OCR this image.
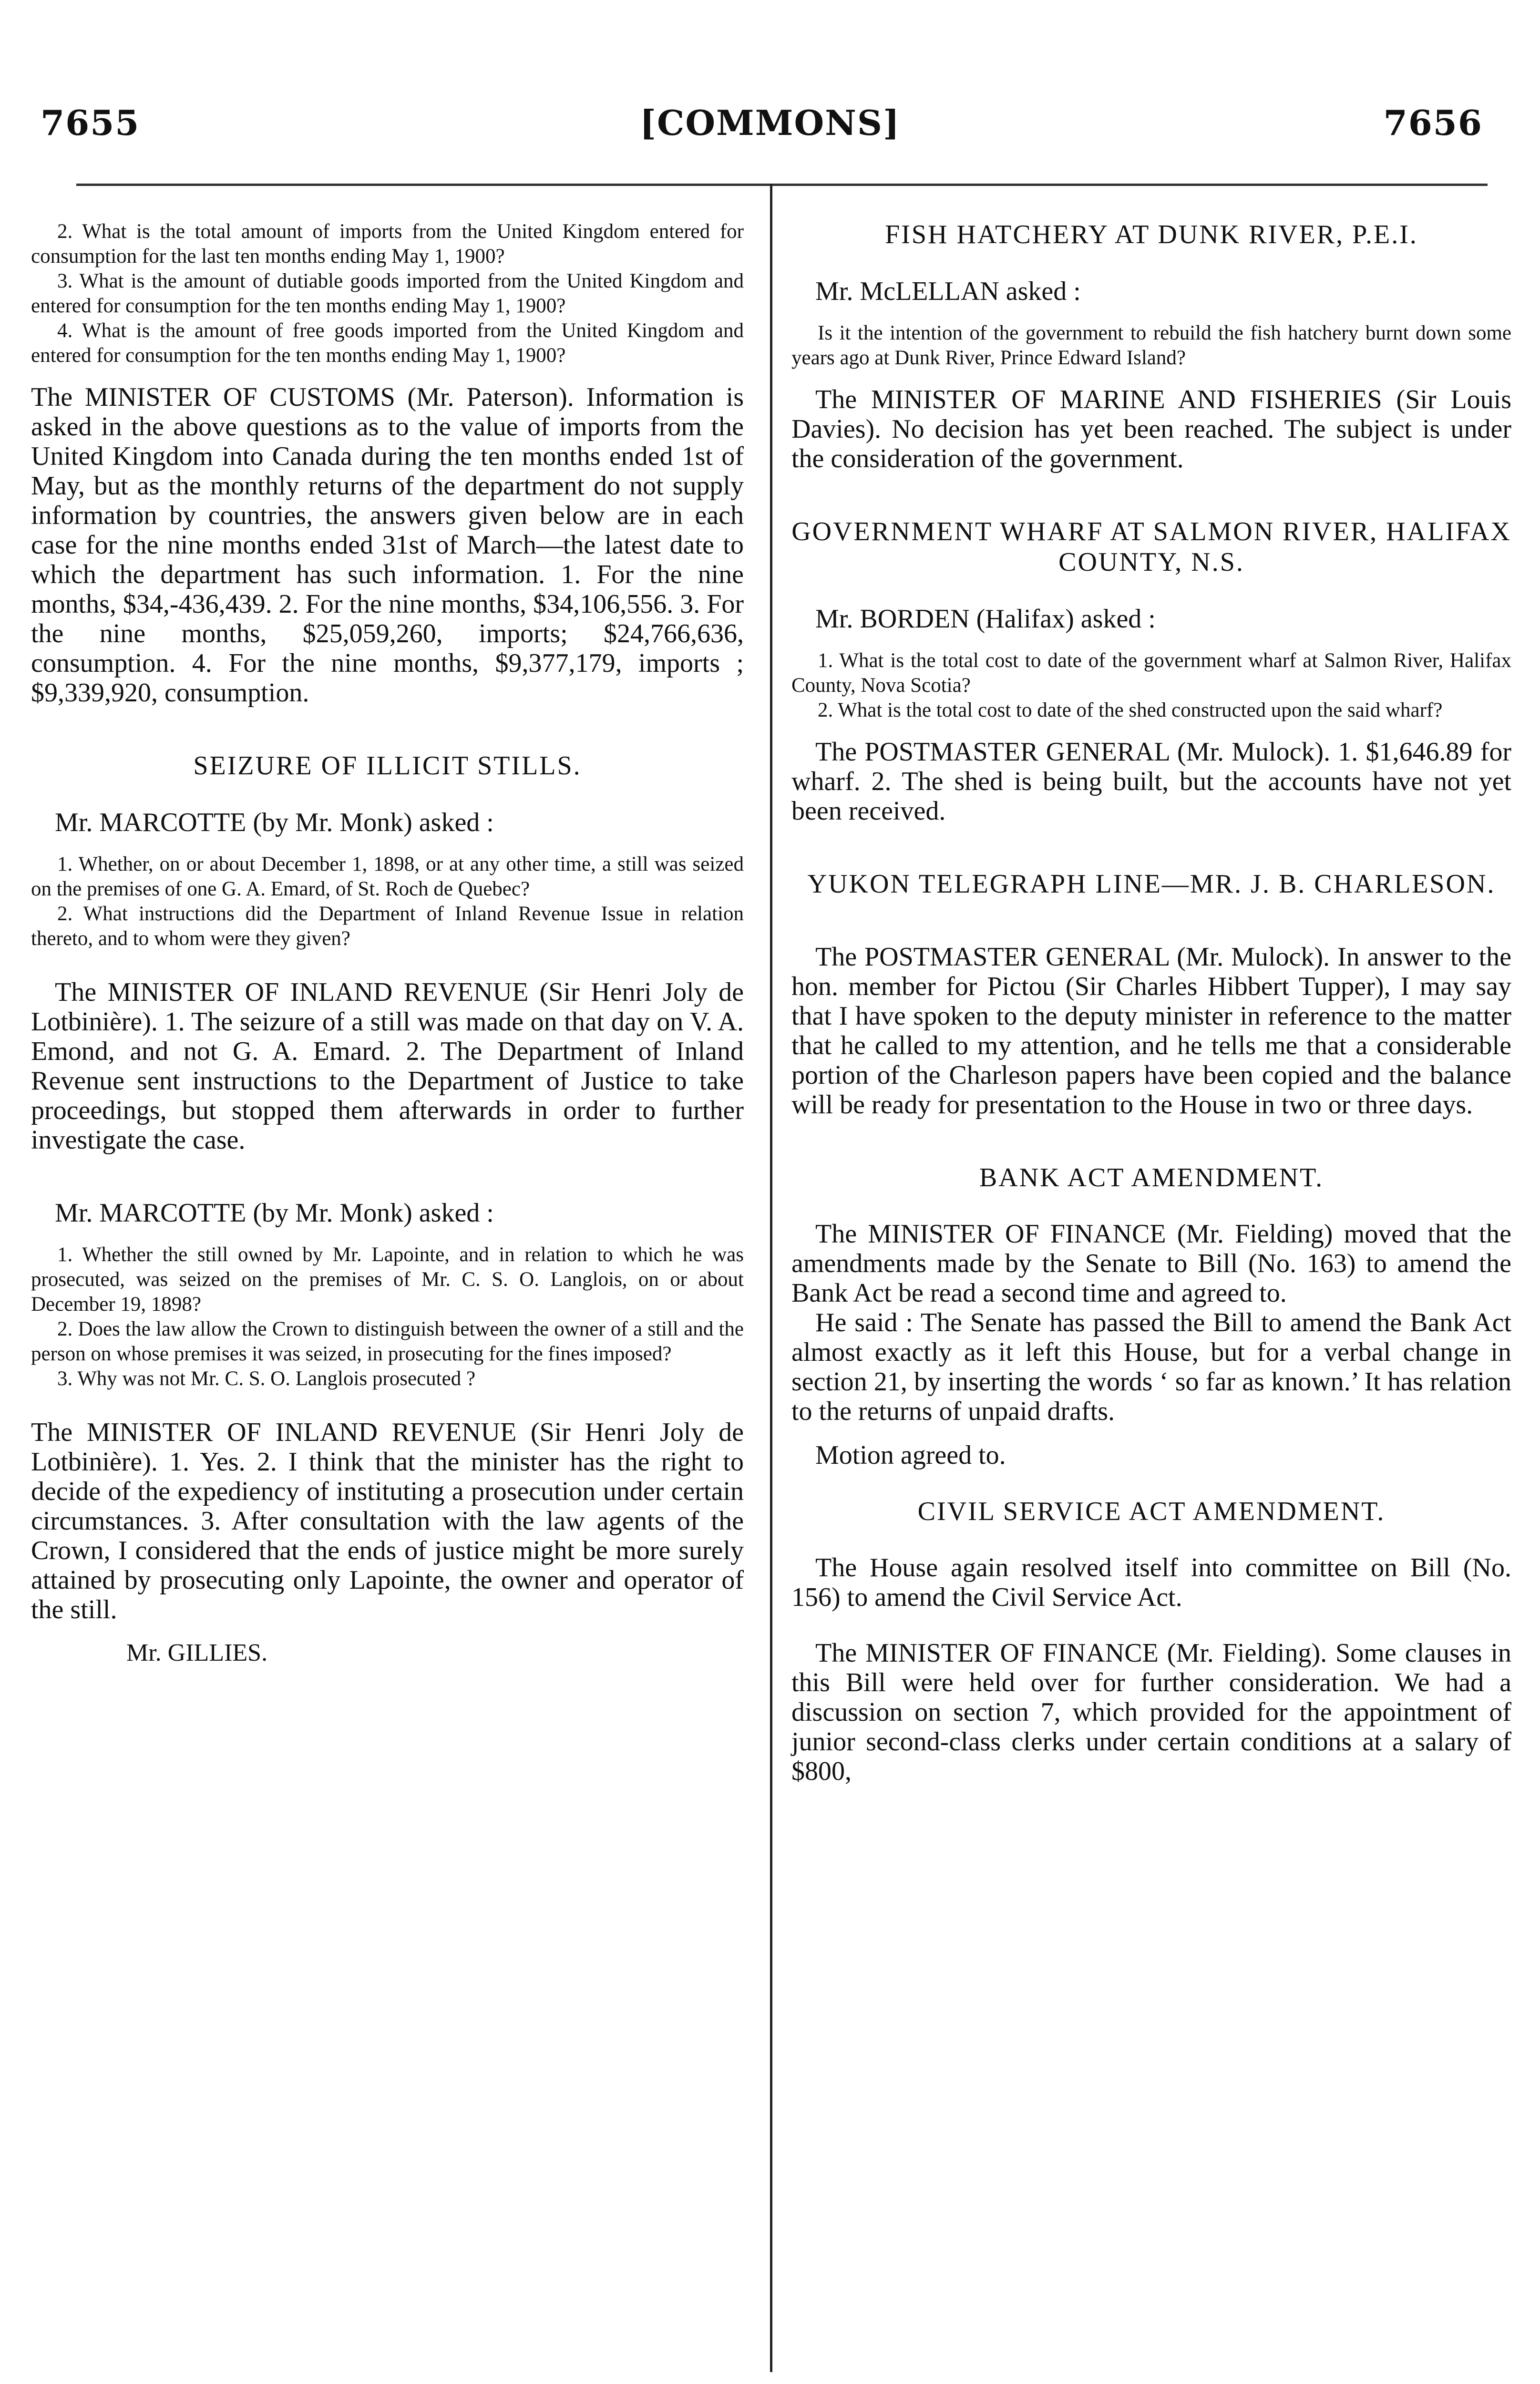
7655	[COMMONS]	7656

2. What is the total amount of imports from the United Kingdom entered for consumption for the last ten months ending May 1, 1900?

3. What is the amount of dutiable goods imported from the United Kingdom and entered for consumption for the ten months ending May 1, 1900?

4. What is the amount of free goods imported from the United Kingdom and entered for consumption for the ten months ending May 1, 1900?

The MINISTER OF CUSTOMS (Mr. Paterson). Information is asked in the above questions as to the value of imports from the United Kingdom into Canada during the ten months ended 1st of May, but as the monthly returns of the department do not supply information by countries, the answers given below are in each case for the nine months ended 31st of March—the latest date to which the department has such information. 1. For the nine months, $34,-436,439. 2. For the nine months, $34,106,556. 3. For the nine months, $25,059,260, imports; $24,766,636, consumption. 4. For the nine months, $9,377,179, imports ; $9,339,920, consumption.

SEIZURE OF ILLICIT STILLS.

Mr. MARCOTTE (by Mr. Monk) asked :

1. Whether, on or about December 1, 1898, or at any other time, a still was seized on the premises of one G. A. Emard, of St. Roch de Quebec?

2. What instructions did the Department of Inland Revenue Issue in relation thereto, and to whom were they given?

The MINISTER OF INLAND REVENUE (Sir Henri Joly de Lotbinière). 1. The seizure of a still was made on that day on V. A. Emond, and not G. A. Emard. 2. The Department of Inland Revenue sent instructions to the Department of Justice to take proceedings, but stopped them afterwards in order to further investigate the case.

Mr. MARCOTTE (by Mr. Monk) asked :

1. Whether the still owned by Mr. Lapointe, and in relation to which he was prosecuted, was seized on the premises of Mr. C. S. O. Langlois, on or about December 19, 1898?

2. Does the law allow the Crown to distinguish between the owner of a still and the person on whose premises it was seized, in prosecuting for the fines imposed?

3. Why was not Mr. C. S. O. Langlois prosecuted ?

The MINISTER OF INLAND REVENUE (Sir Henri Joly de Lotbinière). 1. Yes. 2. I think that the minister has the right to decide of the expediency of instituting a prosecution under certain circumstances. 3. After consultation with the law agents of the Crown, I considered that the ends of justice might be more surely attained by prosecuting only Lapointe, the owner and operator of the still.

Mr. GILLIES.

FISH HATCHERY AT DUNK RIVER, P.E.I.

Mr. McLELLAN asked :

Is it the intention of the government to rebuild the fish hatchery burnt down some years ago at Dunk River, Prince Edward Island?

The MINISTER OF MARINE AND FISHERIES (Sir Louis Davies). No decision has yet been reached. The subject is under the consideration of the government.

GOVERNMENT WHARF AT SALMON RIVER, HALIFAX COUNTY, N.S.

Mr. BORDEN (Halifax) asked :

1. What is the total cost to date of the government wharf at Salmon River, Halifax County, Nova Scotia?

2. What is the total cost to date of the shed constructed upon the said wharf?

The POSTMASTER GENERAL (Mr. Mulock). 1. $1,646.89 for wharf. 2. The shed is being built, but the accounts have not yet been received.

YUKON TELEGRAPH LINE—MR. J. B. CHARLESON.

The POSTMASTER GENERAL (Mr. Mulock). In answer to the hon. member for Pictou (Sir Charles Hibbert Tupper), I may say that I have spoken to the deputy minister in reference to the matter that he called to my attention, and he tells me that a considerable portion of the Charleson papers have been copied and the balance will be ready for presentation to the House in two or three days.

BANK ACT AMENDMENT.

The MINISTER OF FINANCE (Mr. Fielding) moved that the amendments made by the Senate to Bill (No. 163) to amend the Bank Act be read a second time and agreed to.

He said : The Senate has passed the Bill to amend the Bank Act almost exactly as it left this House, but for a verbal change in section 21, by inserting the words ‘ so far as known.’ It has relation to the returns of unpaid drafts.

Motion agreed to.

CIVIL SERVICE ACT AMENDMENT.

The House again resolved itself into committee on Bill (No. 156) to amend the Civil Service Act.

The MINISTER OF FINANCE (Mr. Fielding). Some clauses in this Bill were held over for further consideration. We had a discussion on section 7, which provided for the appointment of junior second-class clerks under certain conditions at a salary of $800,
